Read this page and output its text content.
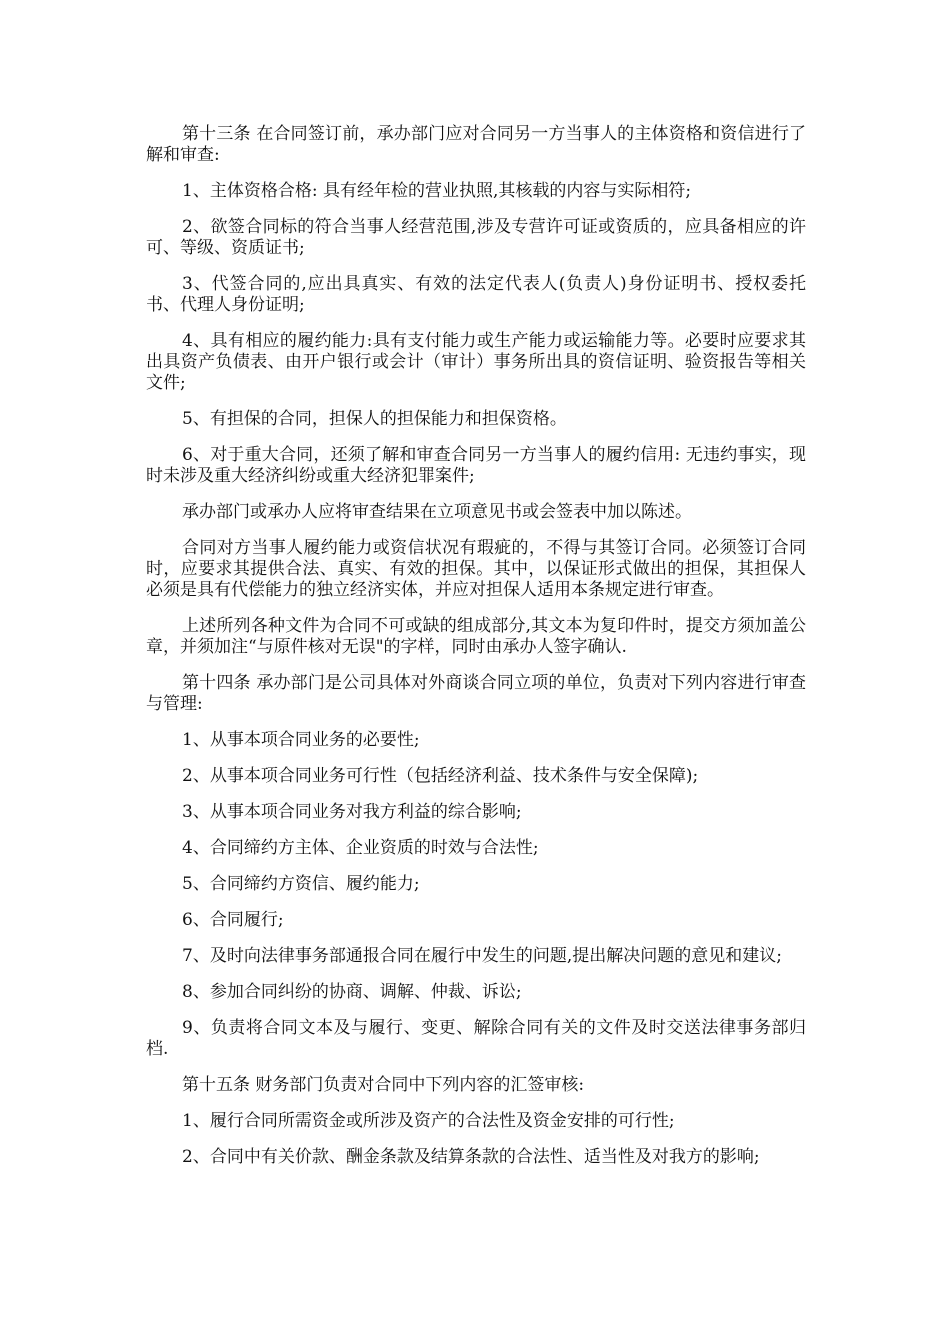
第十三条 在合同签订前，承办部门应对合同另一方当事人的主体资格和资信进行了解和审查:

1、主体资格合格: 具有经年检的营业执照,其核载的内容与实际相符;

2、欲签合同标的符合当事人经营范围,涉及专营许可证或资质的，应具备相应的许可、等级、资质证书;

3、代签合同的,应出具真实、有效的法定代表人(负责人)身份证明书、授权委托书、代理人身份证明;

4、具有相应的履约能力:具有支付能力或生产能力或运输能力等。必要时应要求其出具资产负债表、由开户银行或会计（审计）事务所出具的资信证明、验资报告等相关文件;

5、有担保的合同，担保人的担保能力和担保资格。

6、对于重大合同，还须了解和审查合同另一方当事人的履约信用: 无违约事实，现时未涉及重大经济纠纷或重大经济犯罪案件;

承办部门或承办人应将审查结果在立项意见书或会签表中加以陈述。

合同对方当事人履约能力或资信状况有瑕疵的，不得与其签订合同。必须签订合同时，应要求其提供合法、真实、有效的担保。其中，以保证形式做出的担保，其担保人必须是具有代偿能力的独立经济实体，并应对担保人适用本条规定进行审查。

上述所列各种文件为合同不可或缺的组成部分,其文本为复印件时，提交方须加盖公章，并须加注“与原件核对无误"的字样，同时由承办人签字确认.

第十四条 承办部门是公司具体对外商谈合同立项的单位，负责对下列内容进行审查与管理:

1、从事本项合同业务的必要性;

2、从事本项合同业务可行性（包括经济利益、技术条件与安全保障);

3、从事本项合同业务对我方利益的综合影响;

4、合同缔约方主体、企业资质的时效与合法性;

5、合同缔约方资信、履约能力;

6、合同履行;

7、及时向法律事务部通报合同在履行中发生的问题,提出解决问题的意见和建议;

8、参加合同纠纷的协商、调解、仲裁、诉讼;

9、负责将合同文本及与履行、变更、解除合同有关的文件及时交送法律事务部归档.

第十五条 财务部门负责对合同中下列内容的汇签审核:

1、履行合同所需资金或所涉及资产的合法性及资金安排的可行性;

2、合同中有关价款、酬金条款及结算条款的合法性、适当性及对我方的影响;
